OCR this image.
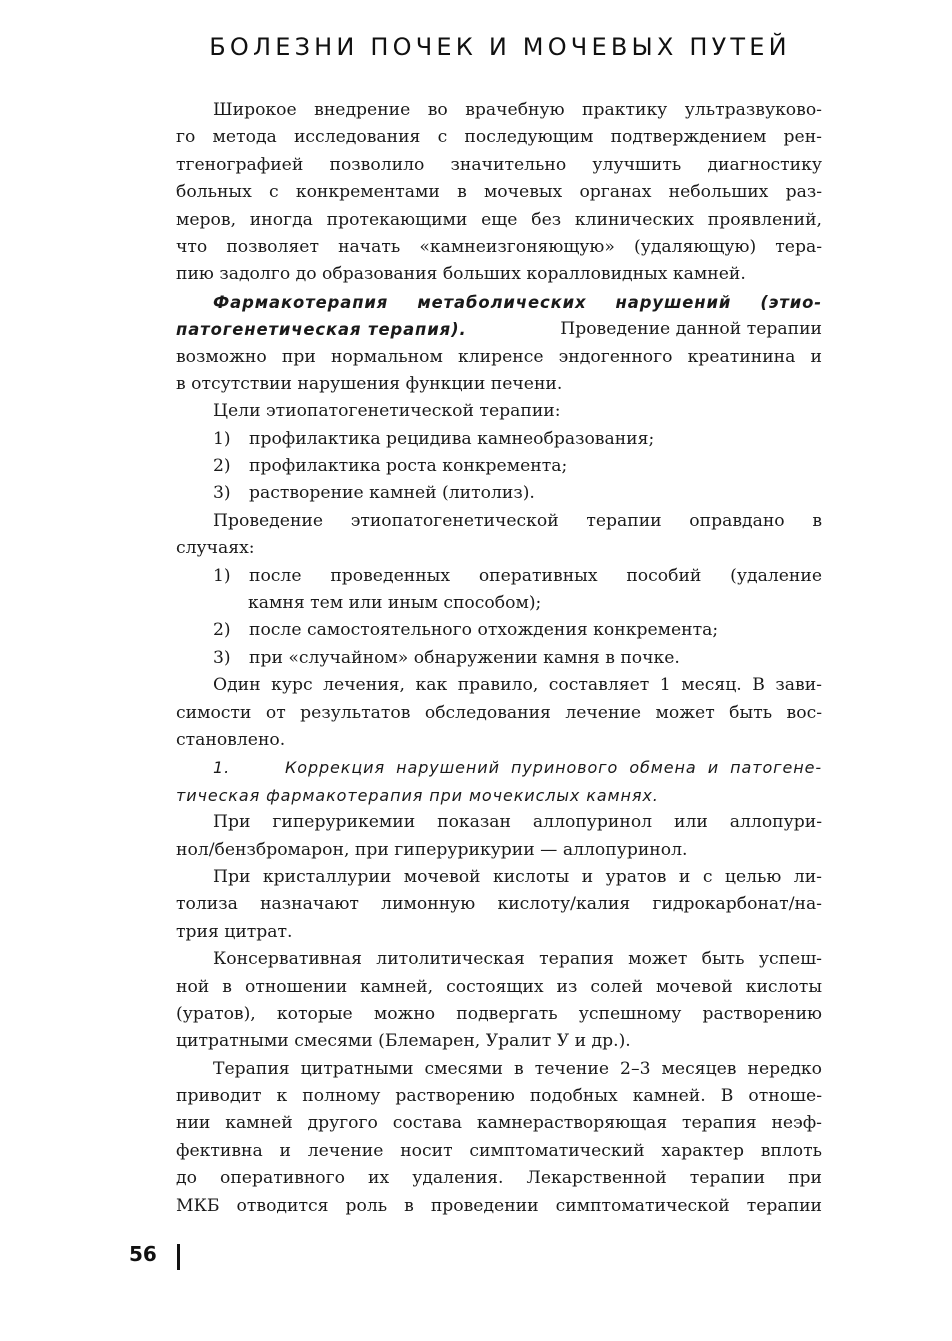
БОЛЕЗНИ ПОЧЕК И МОЧЕВЫХ ПУТЕЙ
Широкое внедрение во врачебную практику ультразвуково-
го метода исследования с последующим подтверждением рен-
тгенографией позволило значительно улучшить диагностику
больных с конкрементами в мочевых органах небольших раз-
меров, иногда протекающими еще без клинических проявлений,
что позволяет начать «камнеизгоняющую» (удаляющую) тера-
пию задолго до образования больших коралловидных камней.
Фармакотерапия метаболических нарушений (этио-
патогенетическая терапия).	Проведение данной терапии
возможно при нормальном клиренсе эндогенного креатинина и
в отсутствии нарушения функции печени.
Цели этиопатогенетической терапии:
1) профилактика рецидива камнеобразования;
2) профилактика роста конкремента;
3) растворение камней (литолиз).
Проведение этиопатогенетической терапии оправдано в
случаях:
1)	после проведенных оперативных пособий (удаление
камня тем или иным способом);
2) после самостоятельного отхождения конкремента;
3) при «случайном» обнаружении камня в почке.
Один курс лечения, как правило, составляет 1 месяц. В зави-
симости от результатов обследования лечение может быть вос-
становлено.
1.	Коррекция нарушений пуринового обмена и патогене-
тическая фармакотерапия при мочекислых камнях.
При гиперурикемии показан аллопуринол или аллопури-
нол/бензбромарон, при гиперурикурии — аллопуринол.
При кристаллурии мочевой кислоты и уратов и с целью ли-
толиза назначают лимонную кислоту/калия гидрокарбонат/на-
трия цитрат.
Консервативная литолитическая терапия может быть успеш-
ной в отношении камней, состоящих из солей мочевой кислоты
(уратов), которые можно подвергать успешному растворению
цитратными смесями (Блемарен, Уралит У и др.).
Терапия цитратными смесями в течение 2–3 месяцев нередко
приводит к полному растворению подобных камней. В отноше-
нии камней другого состава камнерастворяющая терапия неэф-
фективна и лечение носит симптоматический характер вплоть
до оперативного их удаления. Лекарственной терапии при
МКБ отводится роль в проведении симптоматической терапии
56
